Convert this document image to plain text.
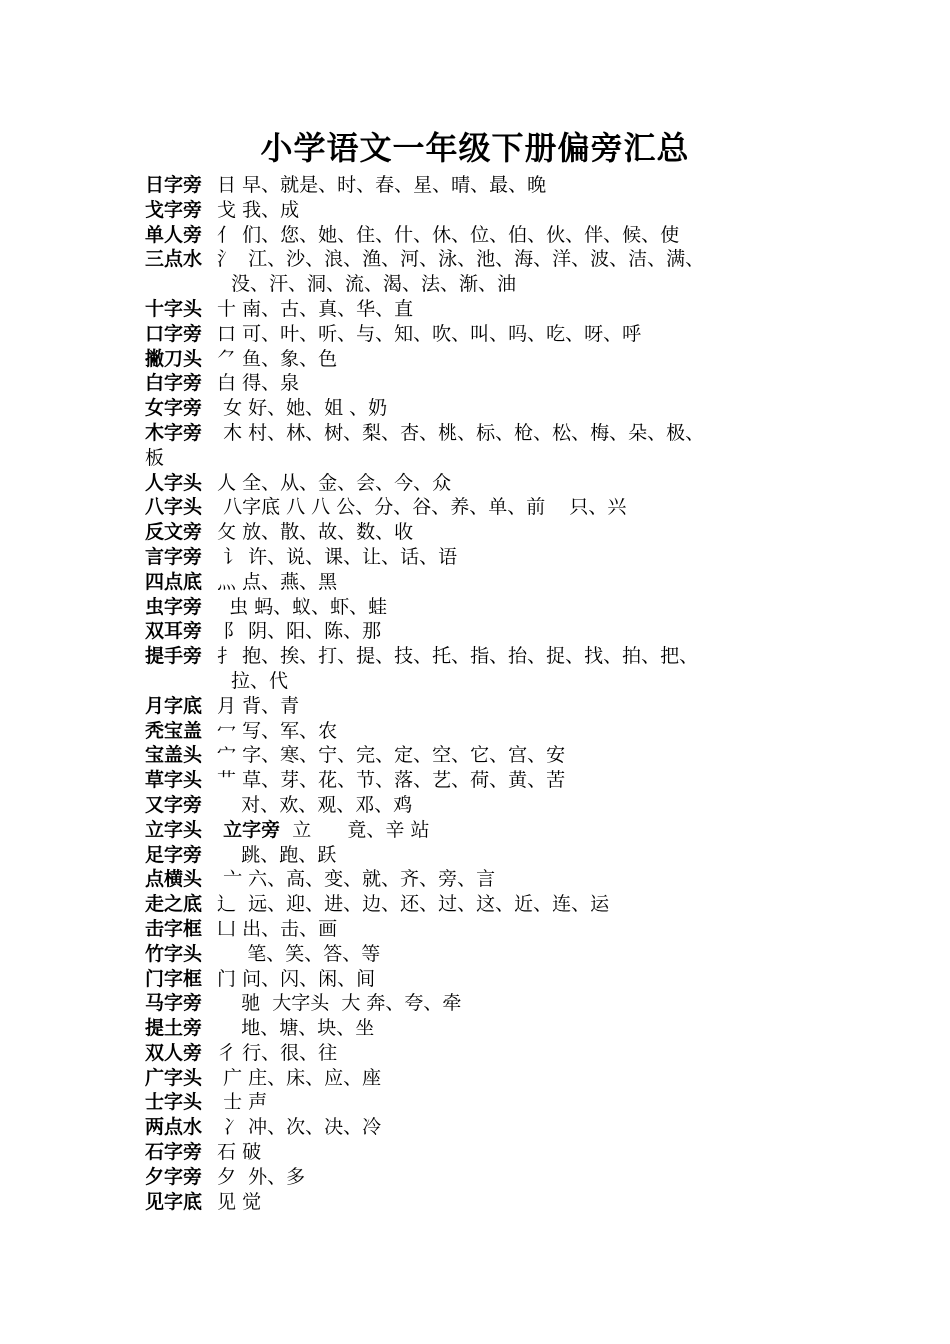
小学语文一年级下册偏旁汇总
日字旁 日 早、就是、时、春、星、晴、最、晚
戈字旁 戈 我、成
单人旁 亻 们、您、她、住、什、休、位、伯、伙、伴、候、使
三点水 氵  江、沙、浪、渔、河、泳、池、海、洋、波、洁、满、
没、汗、洞、流、渴、法、渐、油
十字头 十 南、古、真、华、直
口字旁 口 可、叶、听、与、知、吹、叫、吗、吃、呀、呼
撇刀头 ⺈ 鱼、象、色
白字旁 白 得、泉
女字旁  女 好、她、姐 、奶
木字旁  木 村、林、树、梨、杏、桃、标、枪、松、梅、朵、极、
板
人字头 人 全、从、金、会、今、众
八字头  八字底 八 八 公、分、谷、养、单、前    只、兴
反文旁 攵 放、散、故、数、收
言字旁  讠 许、说、课、让、话、语
四点底 灬 点、燕、黑
虫字旁   虫 蚂、蚁、虾、蛙
双耳旁  阝 阴、阳、陈、那
提手旁 扌 抱、挨、打、提、技、托、指、抬、捉、找、拍、把、
拉、代
月字底 月 背、青
秃宝盖 冖 写、军、农
宝盖头 宀 字、寒、宁、完、定、空、它、宫、安
草字头 艹 草、芽、花、节、落、艺、荷、黄、苦
又字旁     对、欢、观、邓、鸡
立字头 立字旁  立      竟、辛 站
足字旁     跳、跑、跃
点横头  亠 六、高、变、就、齐、旁、言
走之底 辶  远、迎、进、边、还、过、这、近、连、运
击字框 凵 出、击、画
竹字头      笔、笑、答、等
门字框 门 问、闪、闲、间
马字旁     驰  大字头  大 奔、夸、牵
提土旁     地、塘、块、坐
双人旁 彳 行、很、往
广字头  广 庄、床、应、座
士字头  士 声
两点水  冫 冲、次、决、冷
石字旁 石 破
夕字旁 夕  外、多
见字底 见 觉
